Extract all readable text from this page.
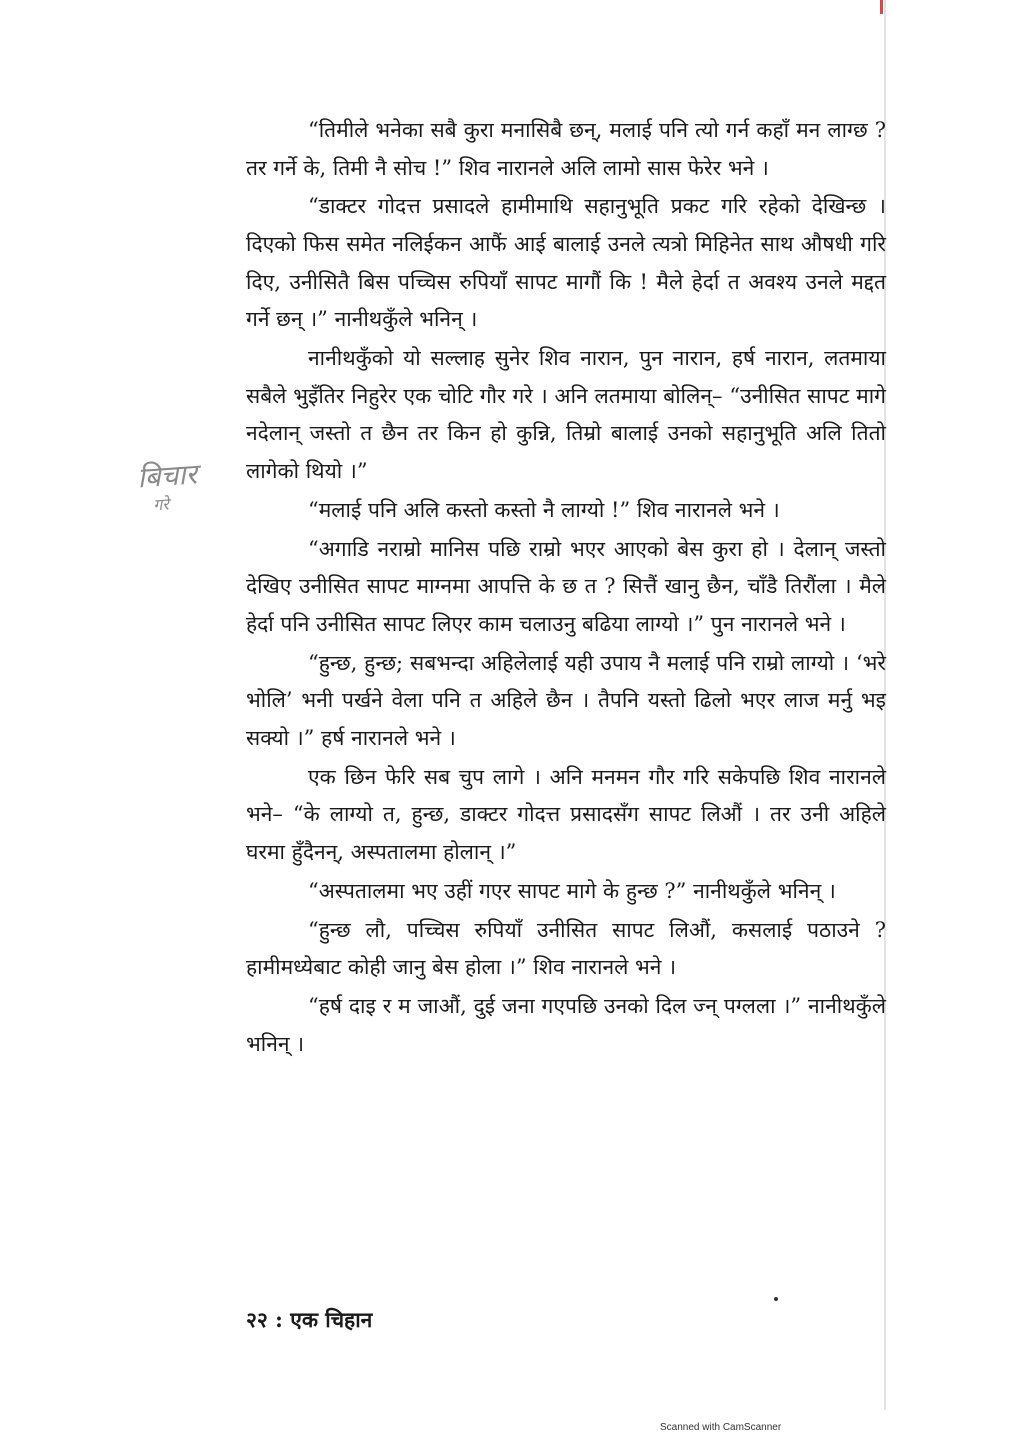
बिचार
गरे

“तिमीले भनेका सबै कुरा मनासिबै छन्, मलाई पनि त्यो गर्न कहाँ मन लाग्छ ? तर गर्ने के, तिमी नै सोच !” शिव नारानले अलि लामो सास फेरेर भने ।

“डाक्टर गोदत्त प्रसादले हामीमाथि सहानुभूति प्रकट गरि रहेको देखिन्छ । दिएको फिस समेत नलिईकन आफैं आई बालाई उनले त्यत्रो मिहिनेत साथ औषधी गरि दिए, उनीसितै बिस पच्चिस रुपियाँ सापट मागौं कि ! मैले हेर्दा त अवश्य उनले मद्दत गर्ने छन् ।” नानीथकुँले भनिन् ।

नानीथकुँको यो सल्लाह सुनेर शिव नारान, पुन नारान, हर्ष नारान, लतमाया सबैले भुइँतिर निहुरेर एक चोटि गौर गरे । अनि लतमाया बोलिन्– “उनीसित सापट मागे नदेलान् जस्तो त छैन तर किन हो कुन्नि, तिम्रो बालाई उनको सहानुभूति अलि तितो लागेको थियो ।”

“मलाई पनि अलि कस्तो कस्तो नै लाग्यो !” शिव नारानले भने ।

“अगाडि नराम्रो मानिस पछि राम्रो भएर आएको बेस कुरा हो । देलान् जस्तो देखिए उनीसित सापट माग्नमा आपत्ति के छ त ? सित्तैं खानु छैन, चाँडै तिरौंला । मैले हेर्दा पनि उनीसित सापट लिएर काम चलाउनु बढिया लाग्यो ।” पुन नारानले भने ।

“हुन्छ, हुन्छ; सबभन्दा अहिलेलाई यही उपाय नै मलाई पनि राम्रो लाग्यो । ‘भरे भोलि’ भनी पर्खने वेला पनि त अहिले छैन । तैपनि यस्तो ढिलो भएर लाज मर्नु भइ सक्यो ।” हर्ष नारानले भने ।

एक छिन फेरि सब चुप लागे । अनि मनमन गौर गरि सकेपछि शिव नारानले भने– “के लाग्यो त, हुन्छ, डाक्टर गोदत्त प्रसादसँग सापट लिऔं । तर उनी अहिले घरमा हुँदैनन्, अस्पतालमा होलान् ।”

“अस्पतालमा भए उहीं गएर सापट मागे के हुन्छ ?” नानीथकुँले भनिन् ।

“हुन्छ लौ, पच्चिस रुपियाँ उनीसित सापट लिऔं, कसलाई पठाउने ? हामीमध्येबाट कोही जानु बेस होला ।” शिव नारानले भने ।

“हर्ष दाइ र म जाऔं, दुई जना गएपछि उनको दिल ज्न् पग्लला ।” नानीथकुँले भनिन् ।

२२ : एक चिहान
Scanned with CamScanner
